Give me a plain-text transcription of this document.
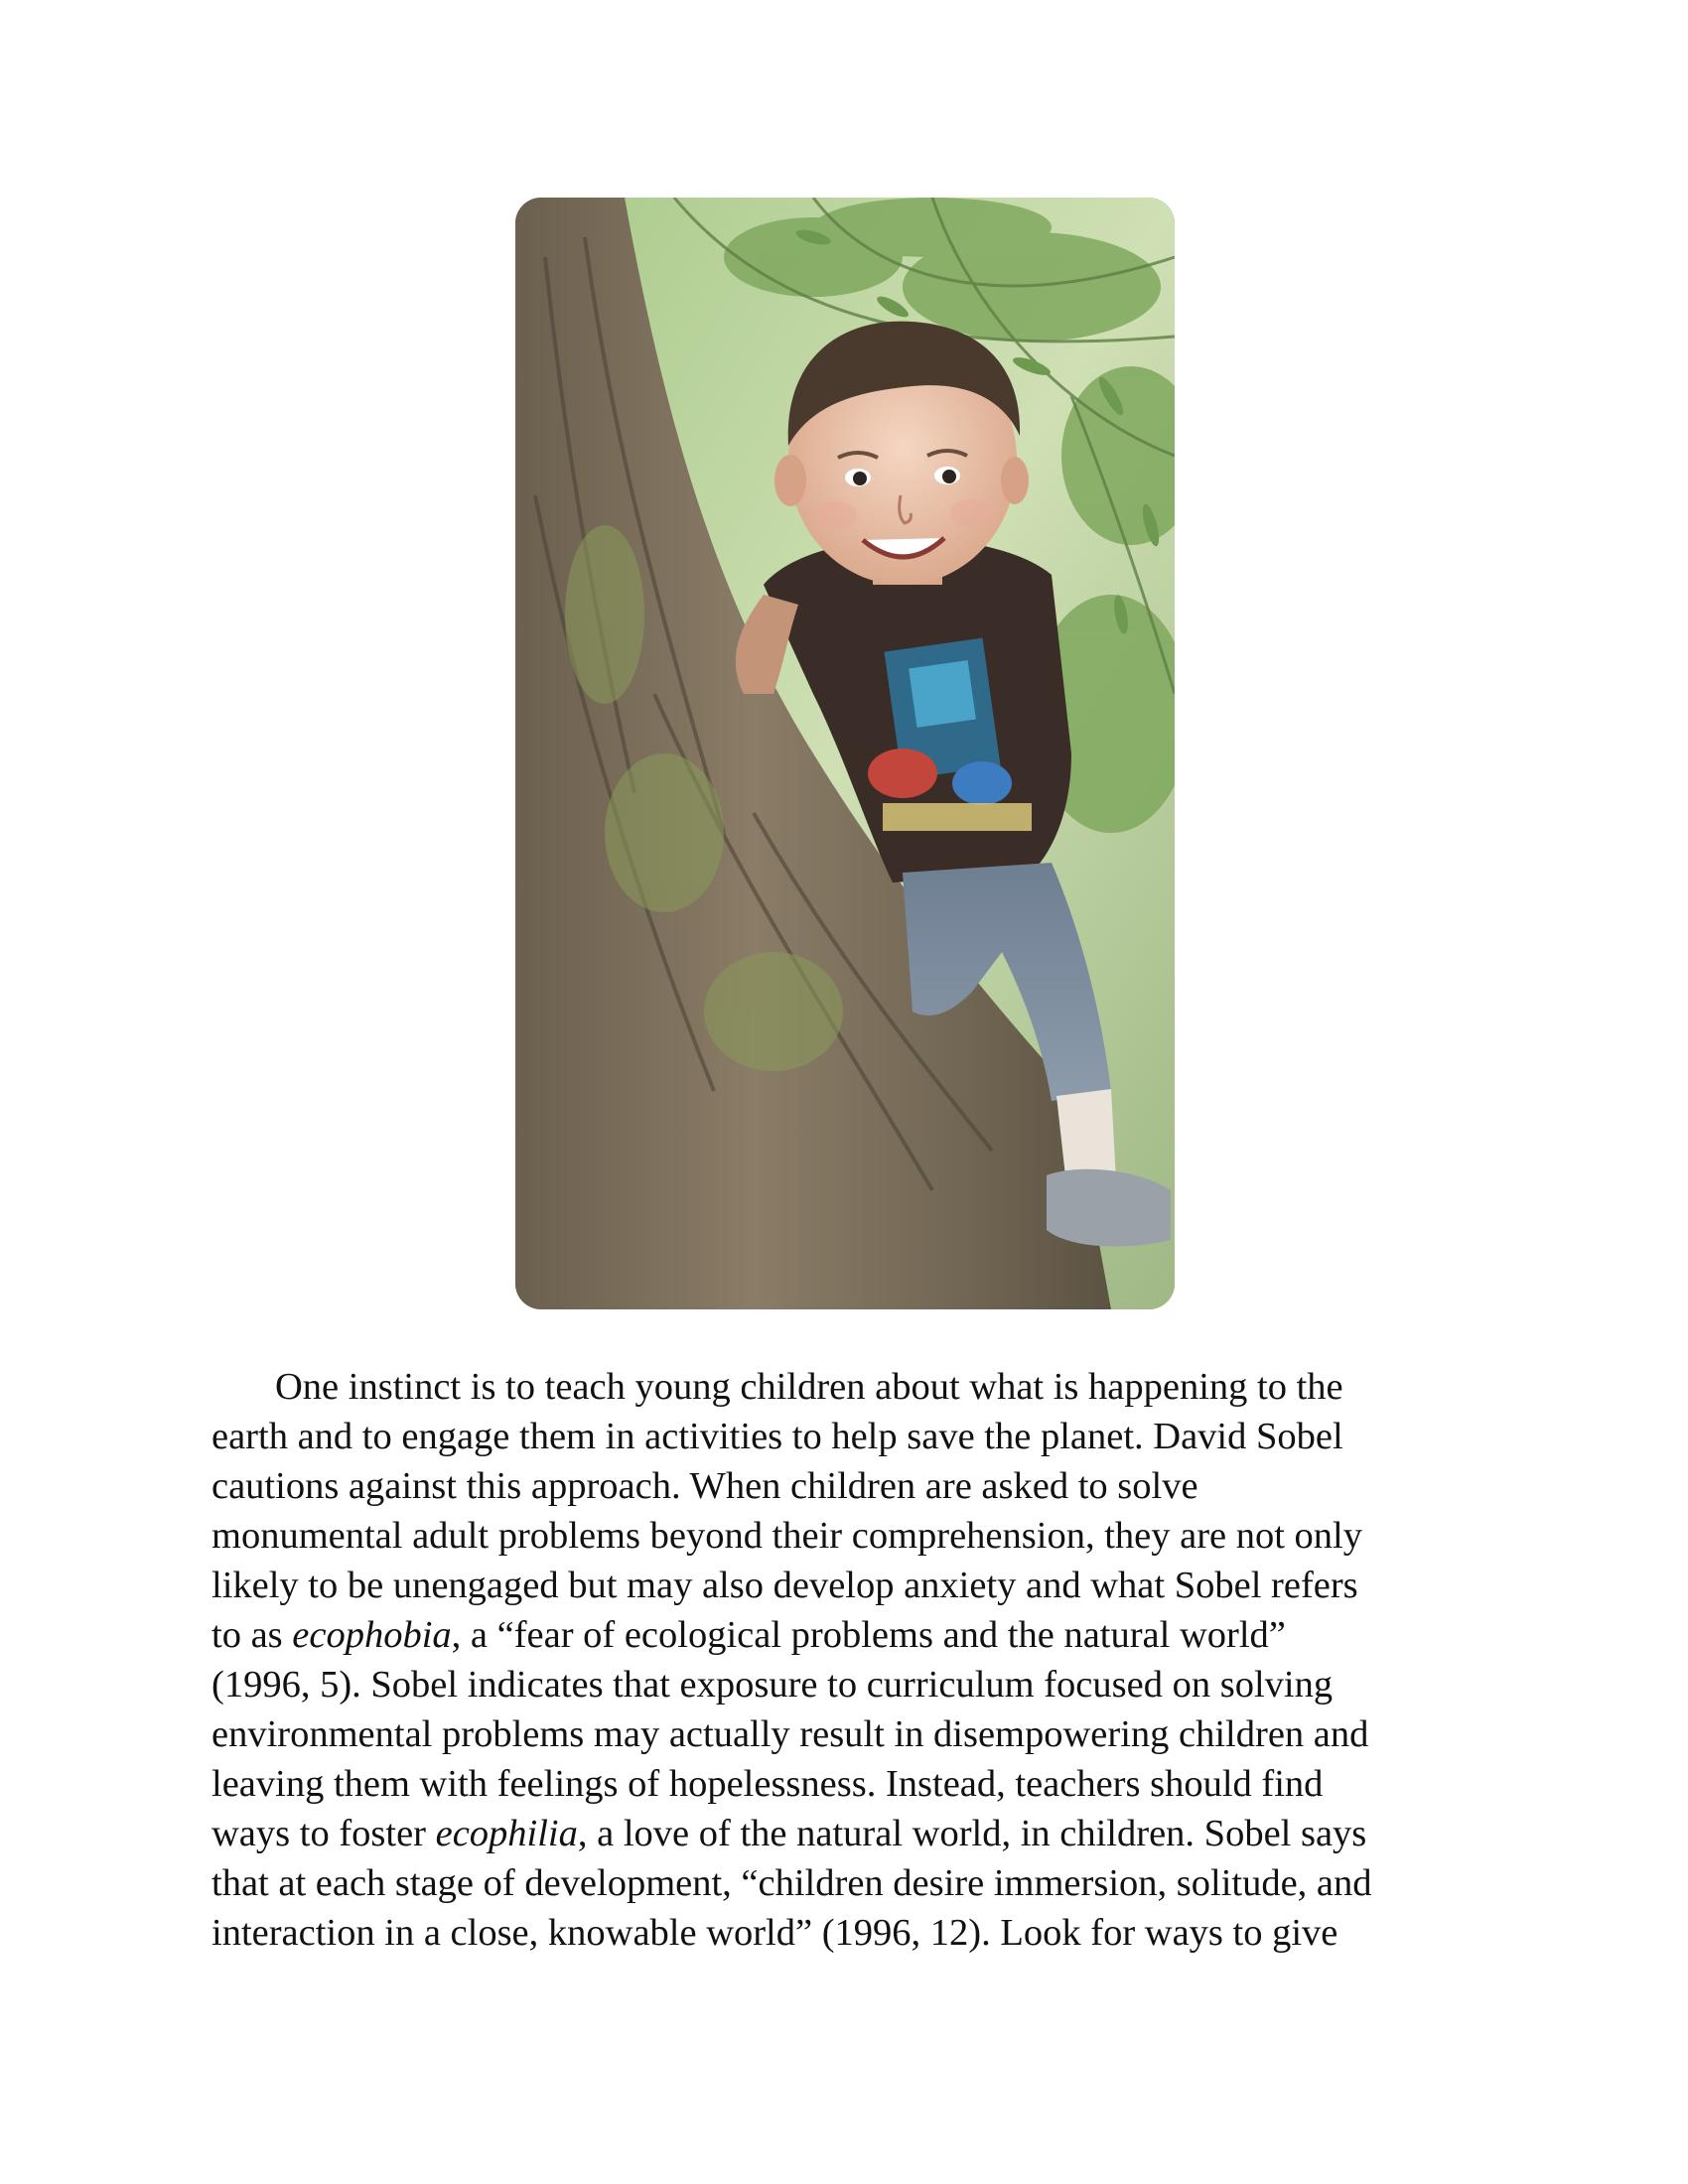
One instinct is to teach young children about what is happening to the
earth and to engage them in activities to help save the planet. David Sobel
cautions against this approach. When children are asked to solve
monumental adult problems beyond their comprehension, they are not only
likely to be unengaged but may also develop anxiety and what Sobel refers
to as ecophobia, a “fear of ecological problems and the natural world”
(1996, 5). Sobel indicates that exposure to curriculum focused on solving
environmental problems may actually result in disempowering children and
leaving them with feelings of hopelessness. Instead, teachers should find
ways to foster ecophilia, a love of the natural world, in children. Sobel says
that at each stage of development, “children desire immersion, solitude, and
interaction in a close, knowable world” (1996, 12). Look for ways to give
